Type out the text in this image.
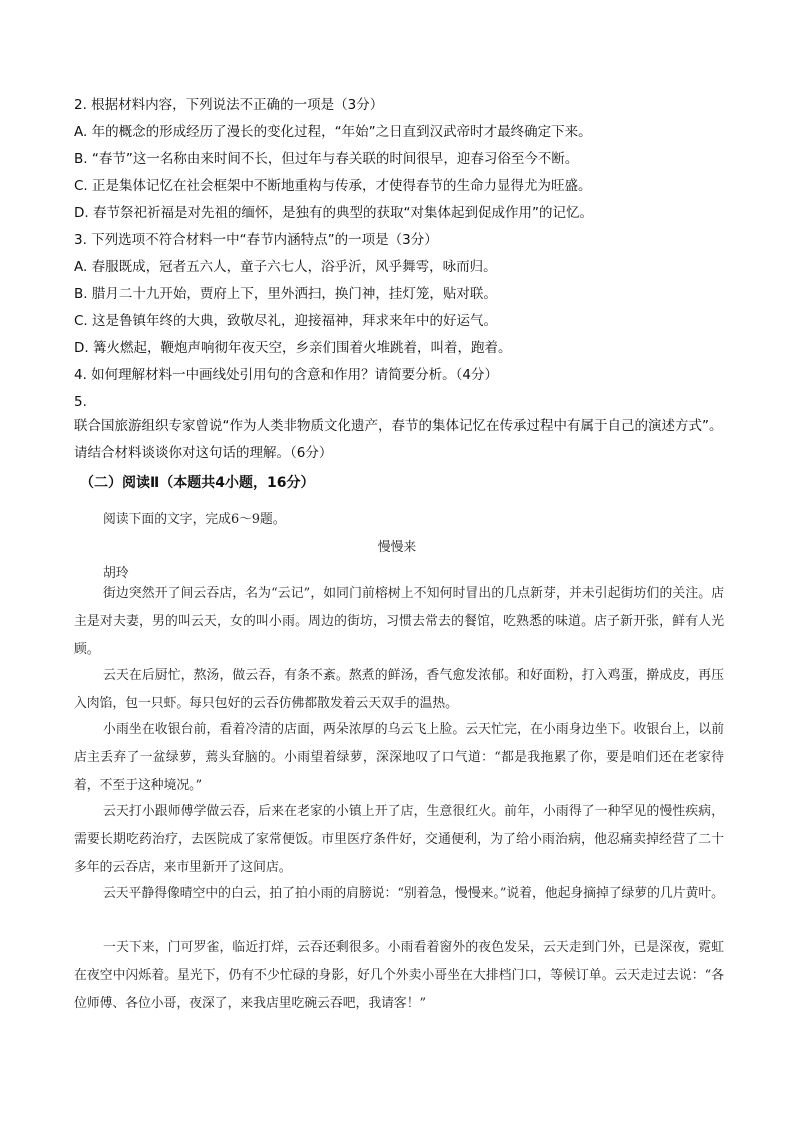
2. 根据材料内容，下列说法不正确的一项是（3分）
A. 年的概念的形成经历了漫长的变化过程，“年始”之日直到汉武帝时才最终确定下来。
B. “春节”这一名称由来时间不长，但过年与春关联的时间很早，迎春习俗至今不断。
C. 正是集体记忆在社会框架中不断地重构与传承，才使得春节的生命力显得尤为旺盛。
D. 春节祭祀祈福是对先祖的缅怀，是独有的典型的获取“对集体起到促成作用”的记忆。
3. 下列选项不符合材料一中“春节内涵特点”的一项是（3分）
A. 春服既成，冠者五六人，童子六七人，浴乎沂，风乎舞雩，咏而归。
B. 腊月二十九开始，贾府上下，里外洒扫，换门神，挂灯笼，贴对联。
C. 这是鲁镇年终的大典，致敬尽礼，迎接福神，拜求来年中的好运气。
D. 篝火燃起，鞭炮声响彻年夜天空，乡亲们围着火堆跳着，叫着，跑着。
4. 如何理解材料一中画线处引用句的含意和作用？请简要分析。（4分）
5.
联合国旅游组织专家曾说“作为人类非物质文化遗产，春节的集体记忆在传承过程中有属于自己的演述方式”。请结合材料谈谈你对这句话的理解。（6分）
（二）阅读Ⅱ（本题共4小题，16分）
阅读下面的文字，完成6～9题。
慢慢来
胡玲
街边突然开了间云吞店，名为“云记”，如同门前榕树上不知何时冒出的几点新芽，并未引起街坊们的关注。店主是对夫妻，男的叫云天，女的叫小雨。周边的街坊，习惯去常去的餐馆，吃熟悉的味道。店子新开张，鲜有人光顾。
云天在后厨忙，熬汤，做云吞，有条不紊。熬煮的鲜汤，香气愈发浓郁。和好面粉，打入鸡蛋，擀成皮，再压入肉馅，包一只虾。每只包好的云吞仿佛都散发着云天双手的温热。
小雨坐在收银台前，看着冷清的店面，两朵浓厚的乌云飞上脸。云天忙完，在小雨身边坐下。收银台上，以前店主丢弃了一盆绿萝，蔫头耷脑的。小雨望着绿萝，深深地叹了口气道：“都是我拖累了你，要是咱们还在老家待着，不至于这种境况。”
云天打小跟师傅学做云吞，后来在老家的小镇上开了店，生意很红火。前年，小雨得了一种罕见的慢性疾病，需要长期吃药治疗，去医院成了家常便饭。市里医疗条件好，交通便利，为了给小雨治病，他忍痛卖掉经营了二十多年的云吞店，来市里新开了这间店。
云天平静得像晴空中的白云，拍了拍小雨的肩膀说：“别着急，慢慢来。”说着，他起身摘掉了绿萝的几片黄叶。
一天下来，门可罗雀，临近打烊，云吞还剩很多。小雨看着窗外的夜色发呆，云天走到门外，已是深夜，霓虹在夜空中闪烁着。星光下，仍有不少忙碌的身影，好几个外卖小哥坐在大排档门口，等候订单。云天走过去说：“各位师傅、各位小哥，夜深了，来我店里吃碗云吞吧，我请客！”
